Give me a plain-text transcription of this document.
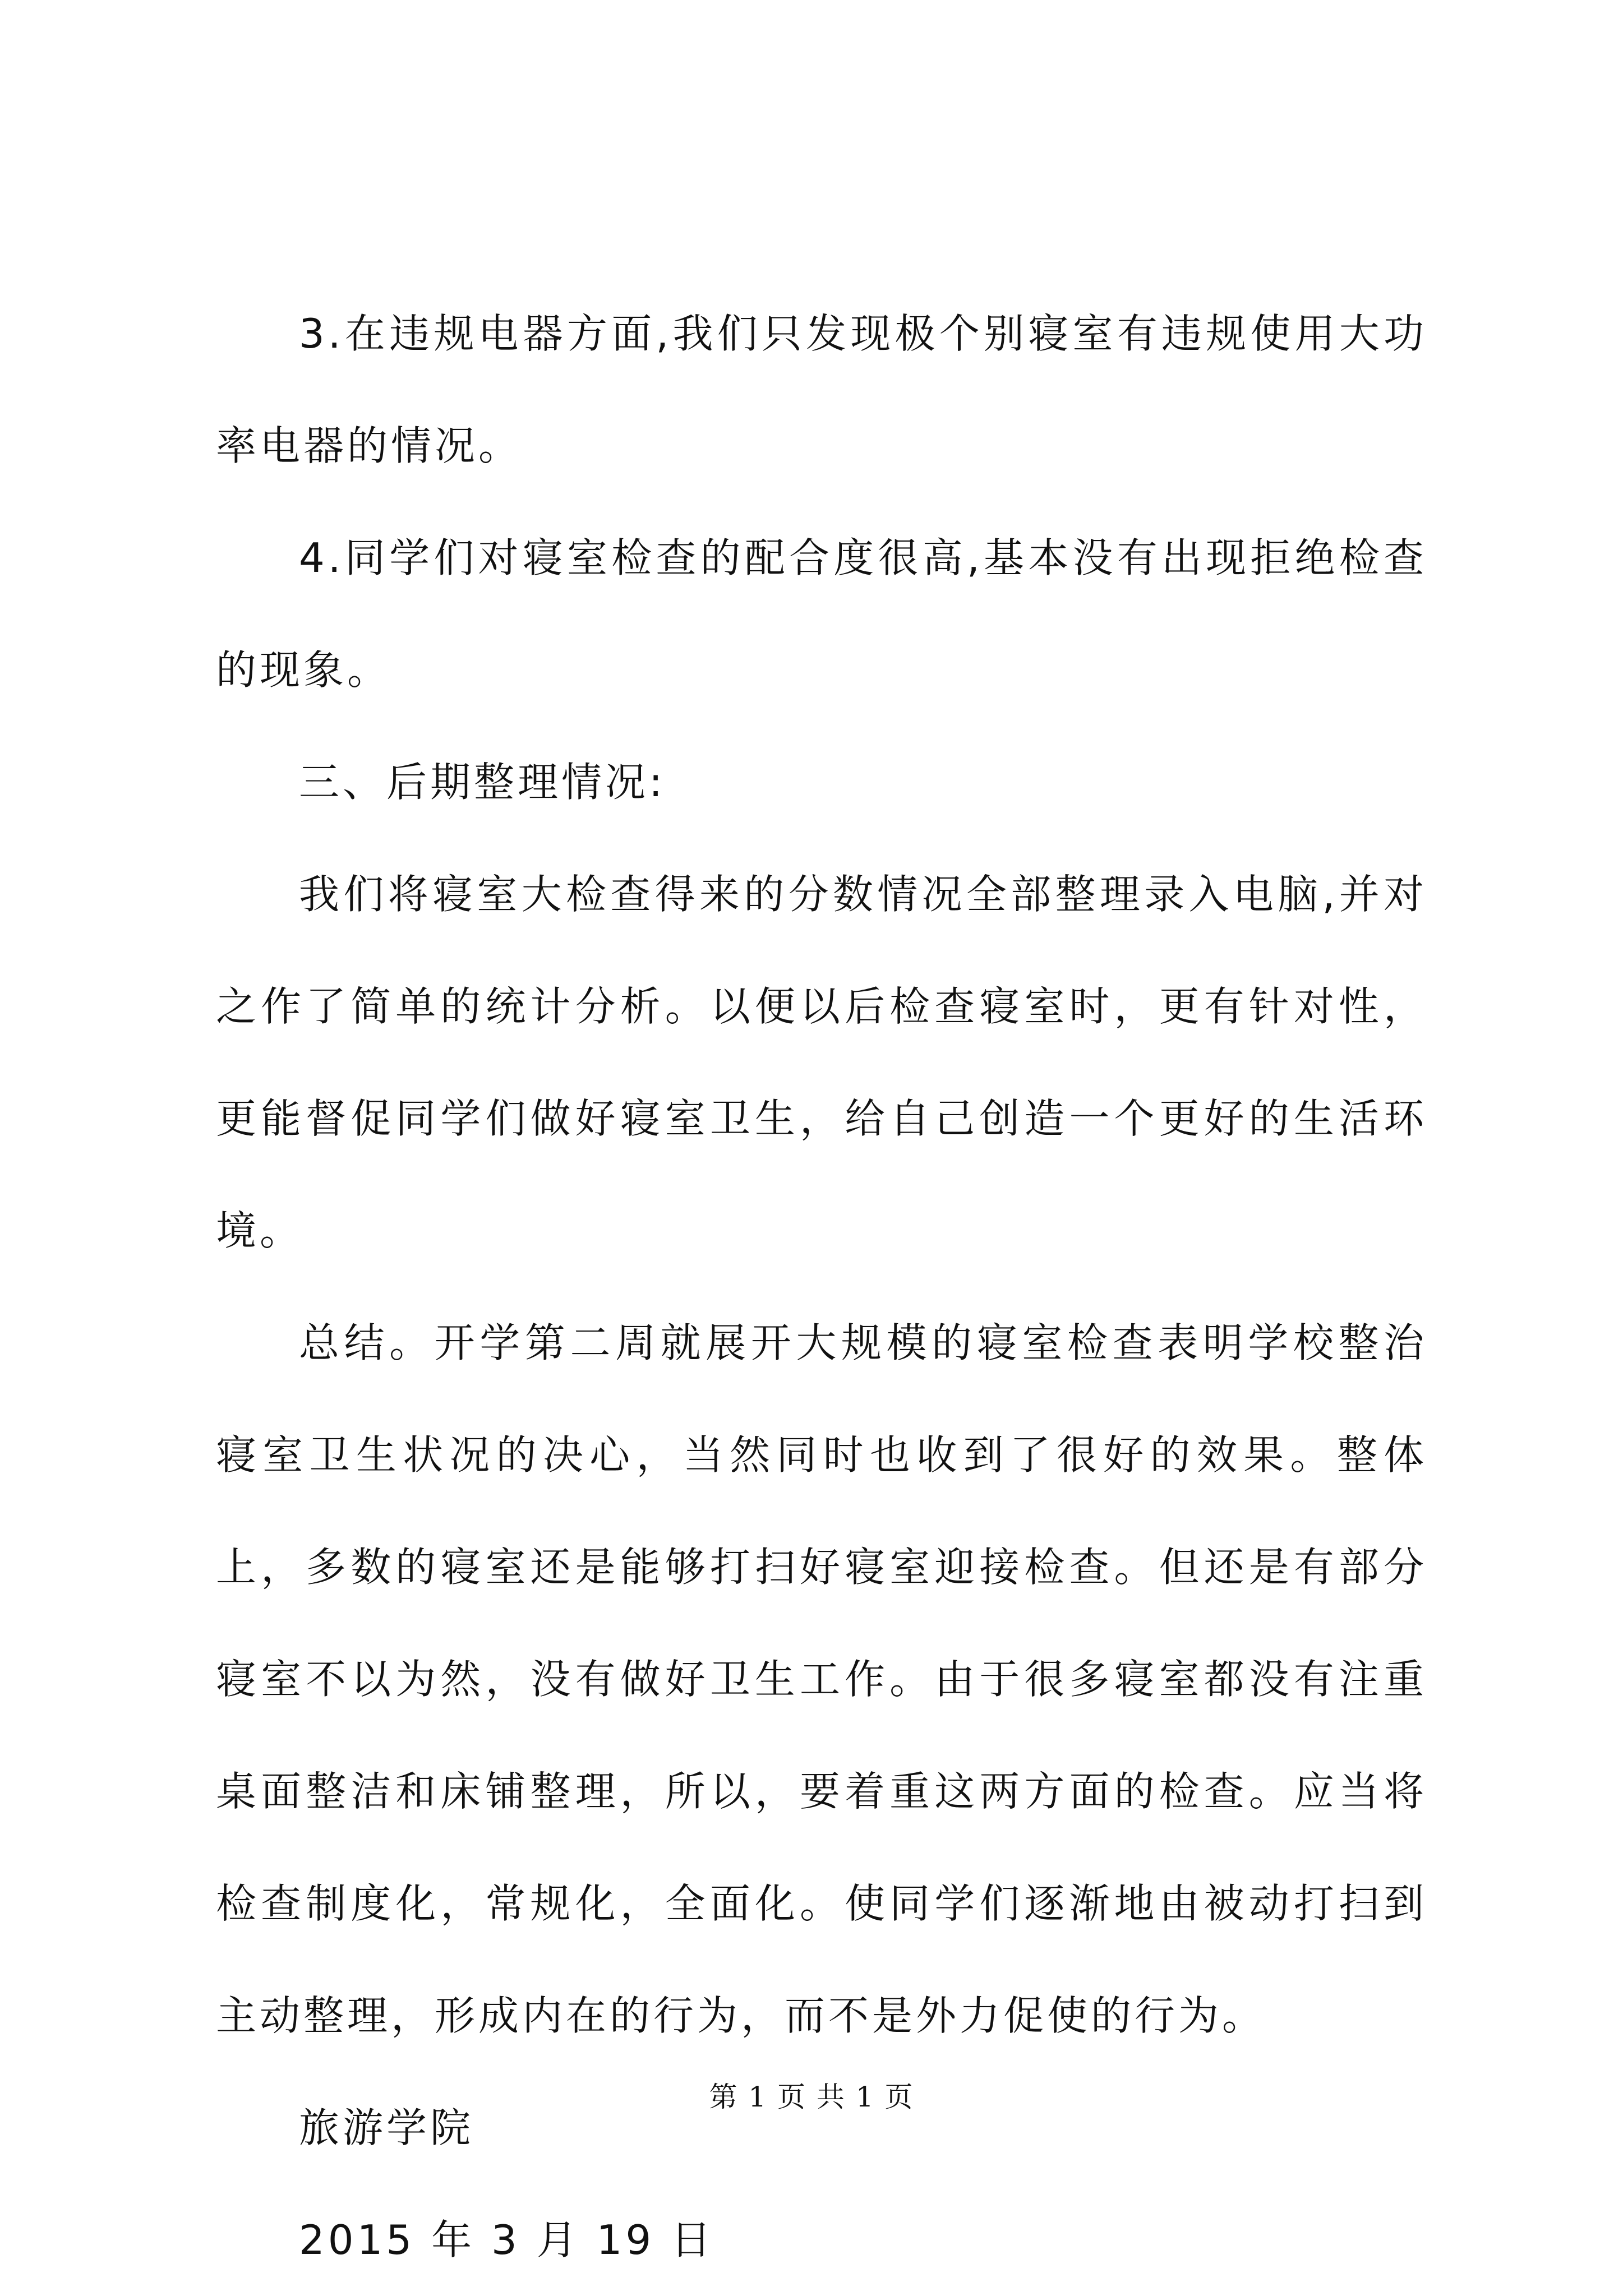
3.在违规电器方面,我们只发现极个别寝室有违规使用大功率电器的情况。

4.同学们对寝室检查的配合度很高,基本没有出现拒绝检查的现象。

三、后期整理情况:

我们将寝室大检查得来的分数情况全部整理录入电脑,并对之作了简单的统计分析。以便以后检查寝室时，更有针对性，更能督促同学们做好寝室卫生，给自己创造一个更好的生活环境。

总结。开学第二周就展开大规模的寝室检查表明学校整治寝室卫生状况的决心，当然同时也收到了很好的效果。整体上，多数的寝室还是能够打扫好寝室迎接检查。但还是有部分寝室不以为然，没有做好卫生工作。由于很多寝室都没有注重桌面整洁和床铺整理，所以，要着重这两方面的检查。应当将检查制度化，常规化，全面化。使同学们逐渐地由被动打扫到主动整理，形成内在的行为，而不是外力促使的行为。

旅游学院

2015 年 3 月 19 日

第 1 页 共 1 页
